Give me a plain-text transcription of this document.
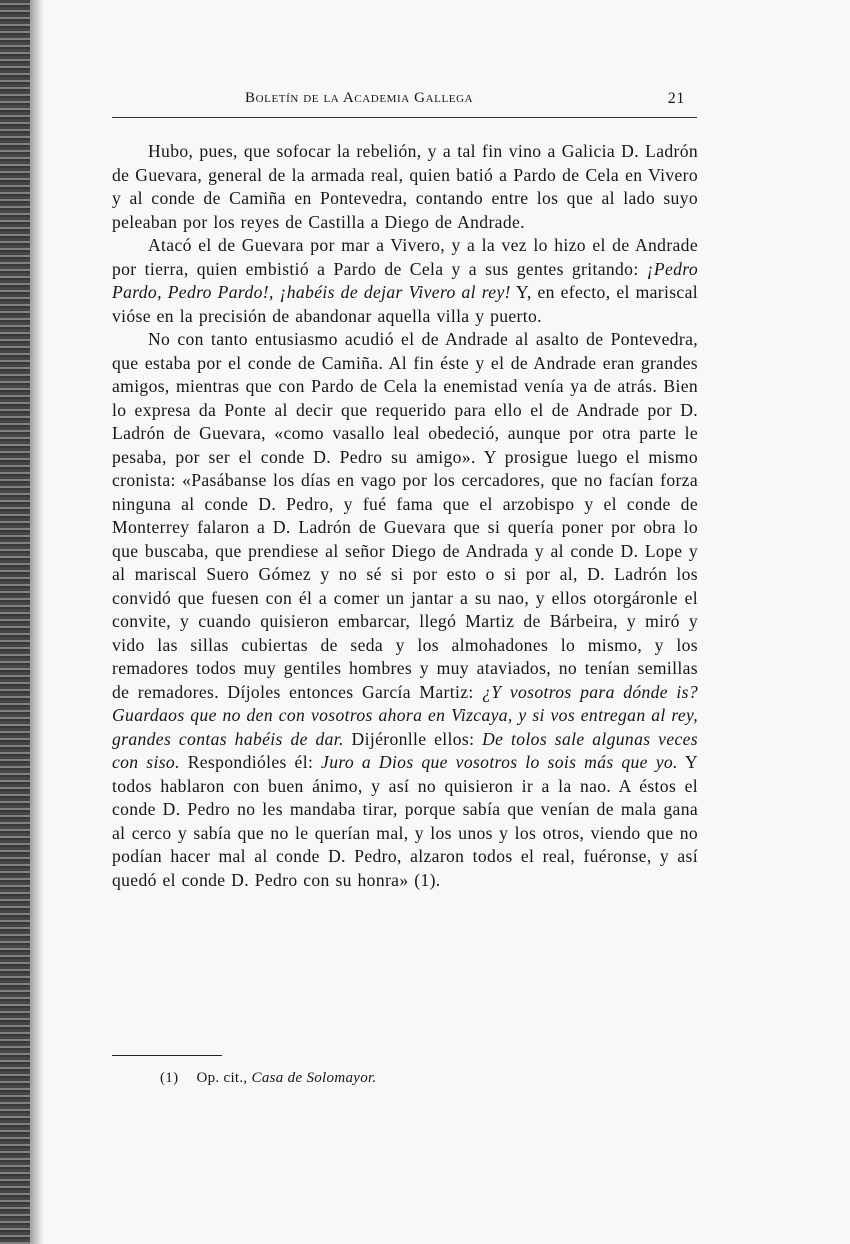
Boletín de la Academia Gallega	21

Hubo, pues, que sofocar la rebelión, y a tal fin vino a Galicia D. Ladrón de Guevara, general de la armada real, quien batió a Pardo de Cela en Vivero y al conde de Camiña en Pontevedra, contando entre los que al lado suyo peleaban por los reyes de Castilla a Diego de Andrade.

Atacó el de Guevara por mar a Vivero, y a la vez lo hizo el de Andrade por tierra, quien embistió a Pardo de Cela y a sus gentes gritando: ¡Pedro Pardo, Pedro Pardo!, ¡habéis de dejar Vivero al rey! Y, en efecto, el mariscal vióse en la precisión de abandonar aquella villa y puerto.

No con tanto entusiasmo acudió el de Andrade al asalto de Pontevedra, que estaba por el conde de Camiña. Al fin éste y el de Andrade eran grandes amigos, mientras que con Pardo de Cela la enemistad venía ya de atrás. Bien lo expresa da Ponte al decir que requerido para ello el de Andrade por D. Ladrón de Guevara, «como vasallo leal obedeció, aunque por otra parte le pesaba, por ser el conde D. Pedro su amigo». Y prosigue luego el mismo cronista: «Pasábanse los días en vago por los cercadores, que no facían forza ninguna al conde D. Pedro, y fué fama que el arzobispo y el conde de Monterrey falaron a D. Ladrón de Guevara que si quería poner por obra lo que buscaba, que prendiese al señor Diego de Andrada y al conde D. Lope y al mariscal Suero Gómez y no sé si por esto o si por al, D. Ladrón los convidó que fuesen con él a comer un jantar a su nao, y ellos otorgáronle el convite, y cuando quisieron embarcar, llegó Martiz de Bárbeira, y miró y vido las sillas cubiertas de seda y los almohadones lo mismo, y los remadores todos muy gentiles hombres y muy ataviados, no tenían semillas de remadores. Díjoles entonces García Martiz: ¿Y vosotros para dónde is? Guardaos que no den con vosotros ahora en Vizcaya, y si vos entregan al rey, grandes contas habéis de dar. Dijéronlle ellos: De tolos sale algunas veces con siso. Respondióles él: Juro a Dios que vosotros lo sois más que yo. Y todos hablaron con buen ánimo, y así no quisieron ir a la nao. A éstos el conde D. Pedro no les mandaba tirar, porque sabía que venían de mala gana al cerco y sabía que no le querían mal, y los unos y los otros, viendo que no podían hacer mal al conde D. Pedro, alzaron todos el real, fuéronse, y así quedó el conde D. Pedro con su honra» (1).

(1) Op. cit., Casa de Solomayor.
